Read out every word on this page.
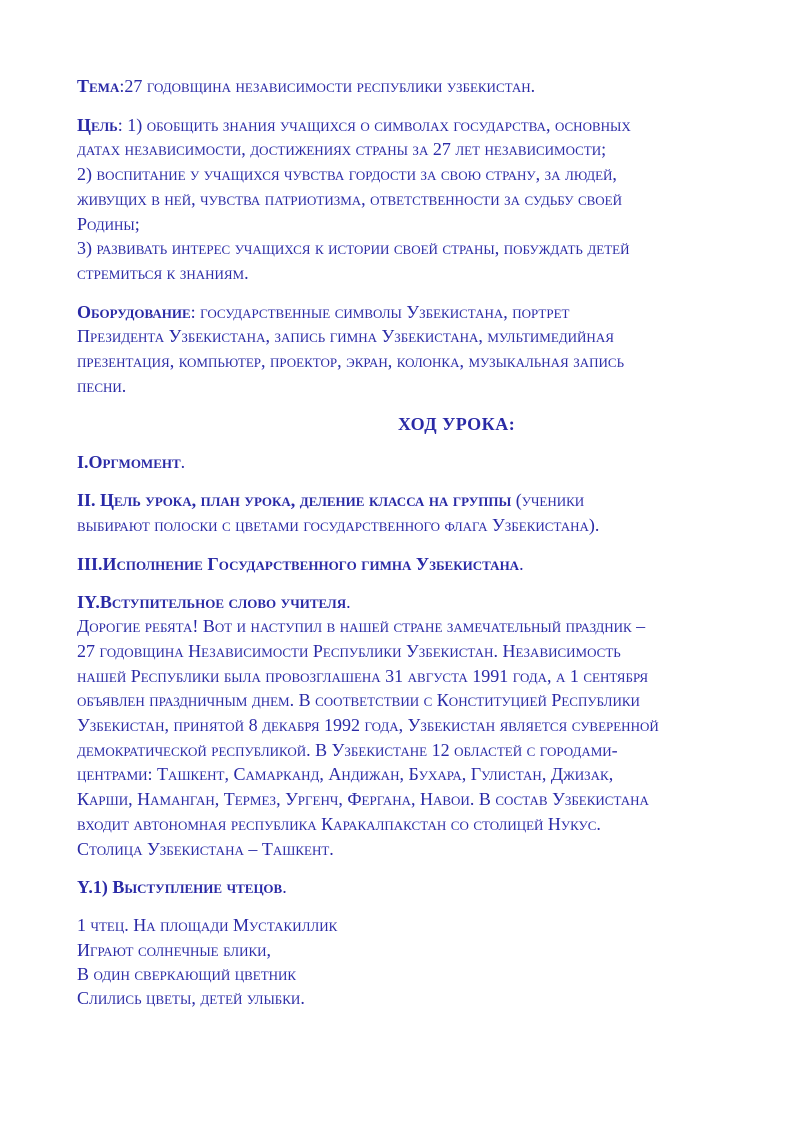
Тема:27 годовщина независимости республики узбекистан.

Цель: 1) обобщить знания учащихся о символах государства, основных

датах независимости, достижениях страны за 27 лет независимости;

2) воспитание у учащихся чувства гордости за свою страну, за людей,

живущих в ней, чувства патриотизма, ответственности за судьбу своей

Родины;

3) развивать интерес учащихся к истории своей страны, побуждать детей

стремиться к знаниям.

Оборудование: государственные символы Узбекистана, портрет

Президента Узбекистана, запись гимна Узбекистана, мультимедийная

презентация, компьютер, проектор, экран, колонка, музыкальная запись

песни.

ХОД УРОКА:

I.Оргмомент.

II. Цель урока, план урока, деление класса на группы (ученики

выбирают полоски с цветами государственного флага Узбекистана).

III.Исполнение Государственного гимна Узбекистана.

IY.Вступительное слово учителя.

Дорогие ребята! Вот и наступил в нашей стране замечательный праздник –

27 годовщина Независимости Республики Узбекистан. Независимость

нашей Республики была провозглашена 31 августа 1991 года, а 1 сентября

объявлен праздничным днем. В соответствии с Конституцией Республики

Узбекистан, принятой 8 декабря 1992 года, Узбекистан является суверенной

демократической республикой. В Узбекистане 12 областей с городами-

центрами: Ташкент, Самарканд, Андижан, Бухара, Гулистан, Джизак,

Карши, Наманган, Термез, Ургенч, Фергана, Навои. В состав Узбекистана

входит автономная республика Каракалпакстан со столицей Нукус.

Столица Узбекистана – Ташкент.

Y.1) Выступление чтецов.

1 чтец. На площади Мустакиллик

Играют солнечные блики,

В один сверкающий цветник

Слились цветы, детей улыбки.
